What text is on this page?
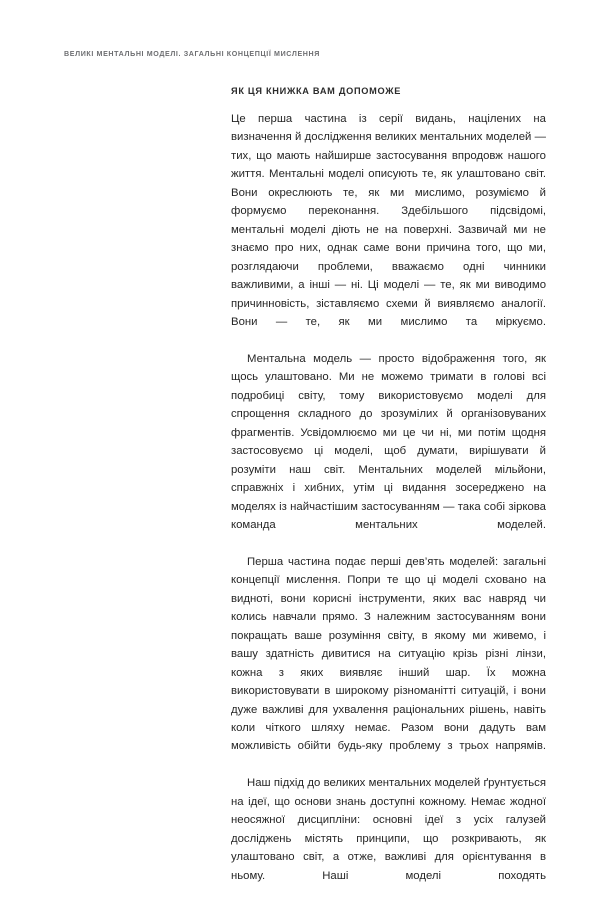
ВЕЛИКІ МЕНТАЛЬНІ МОДЕЛІ. ЗАГАЛЬНІ КОНЦЕПЦІЇ МИСЛЕННЯ
ЯК ЦЯ КНИЖКА ВАМ ДОПОМОЖЕ

Це перша частина із серії видань, націлених на визначення й дослідження великих ментальних моделей — тих, що мають найширше застосування впродовж нашого життя. Ментальні моделі описують те, як улаштовано світ. Вони окреслюють те, як ми мислимо, розуміємо й формуємо переконання. Здебільшого підсвідомі, ментальні моделі діють не на поверхні. Зазвичай ми не знаємо про них, однак саме вони причина того, що ми, розглядаючи проблеми, вважаємо одні чинники важливими, а інші — ні. Ці моделі — те, як ми виводимо причинновість, зіставляємо схеми й виявляємо аналогії. Вони — те, як ми мислимо та міркуємо.

Ментальна модель — просто відображення того, як щось улаштовано. Ми не можемо тримати в голові всі подробиці світу, тому використовуємо моделі для спрощення складного до зрозумілих й організовуваних фрагментів. Усвідомлюємо ми це чи ні, ми потім щодня застосовуємо ці моделі, щоб думати, вирішувати й розуміти наш світ. Ментальних моделей мільйони, справжніх і хибних, утім ці видання зосереджено на моделях із найчастішим застосуванням — така собі зіркова команда ментальних моделей.

Перша частина подає перші дев’ять моделей: загальні концепції мислення. Попри те що ці моделі сховано на видноті, вони корисні інструменти, яких вас навряд чи колись навчали прямо. З належним застосуванням вони покращать ваше розуміння світу, в якому ми живемо, і вашу здатність дивитися на ситуацію крізь різні лінзи, кожна з яких виявляє інший шар. Їх можна використовувати в широкому різноманітті ситуацій, і вони дуже важливі для ухвалення раціональних рішень, навіть коли чіткого шляху немає. Разом вони дадуть вам можливість обійти будь-яку проблему з трьох напрямів.

Наш підхід до великих ментальних моделей ґрунтується на ідеї, що основи знань доступні кожному. Немає жодної неосяжної дисципліни: основні ідеї з усіх галузей досліджень містять принципи, що розкривають, як улаштовано світ, а отже, важливі для орієнтування в ньому. Наші моделі походять
